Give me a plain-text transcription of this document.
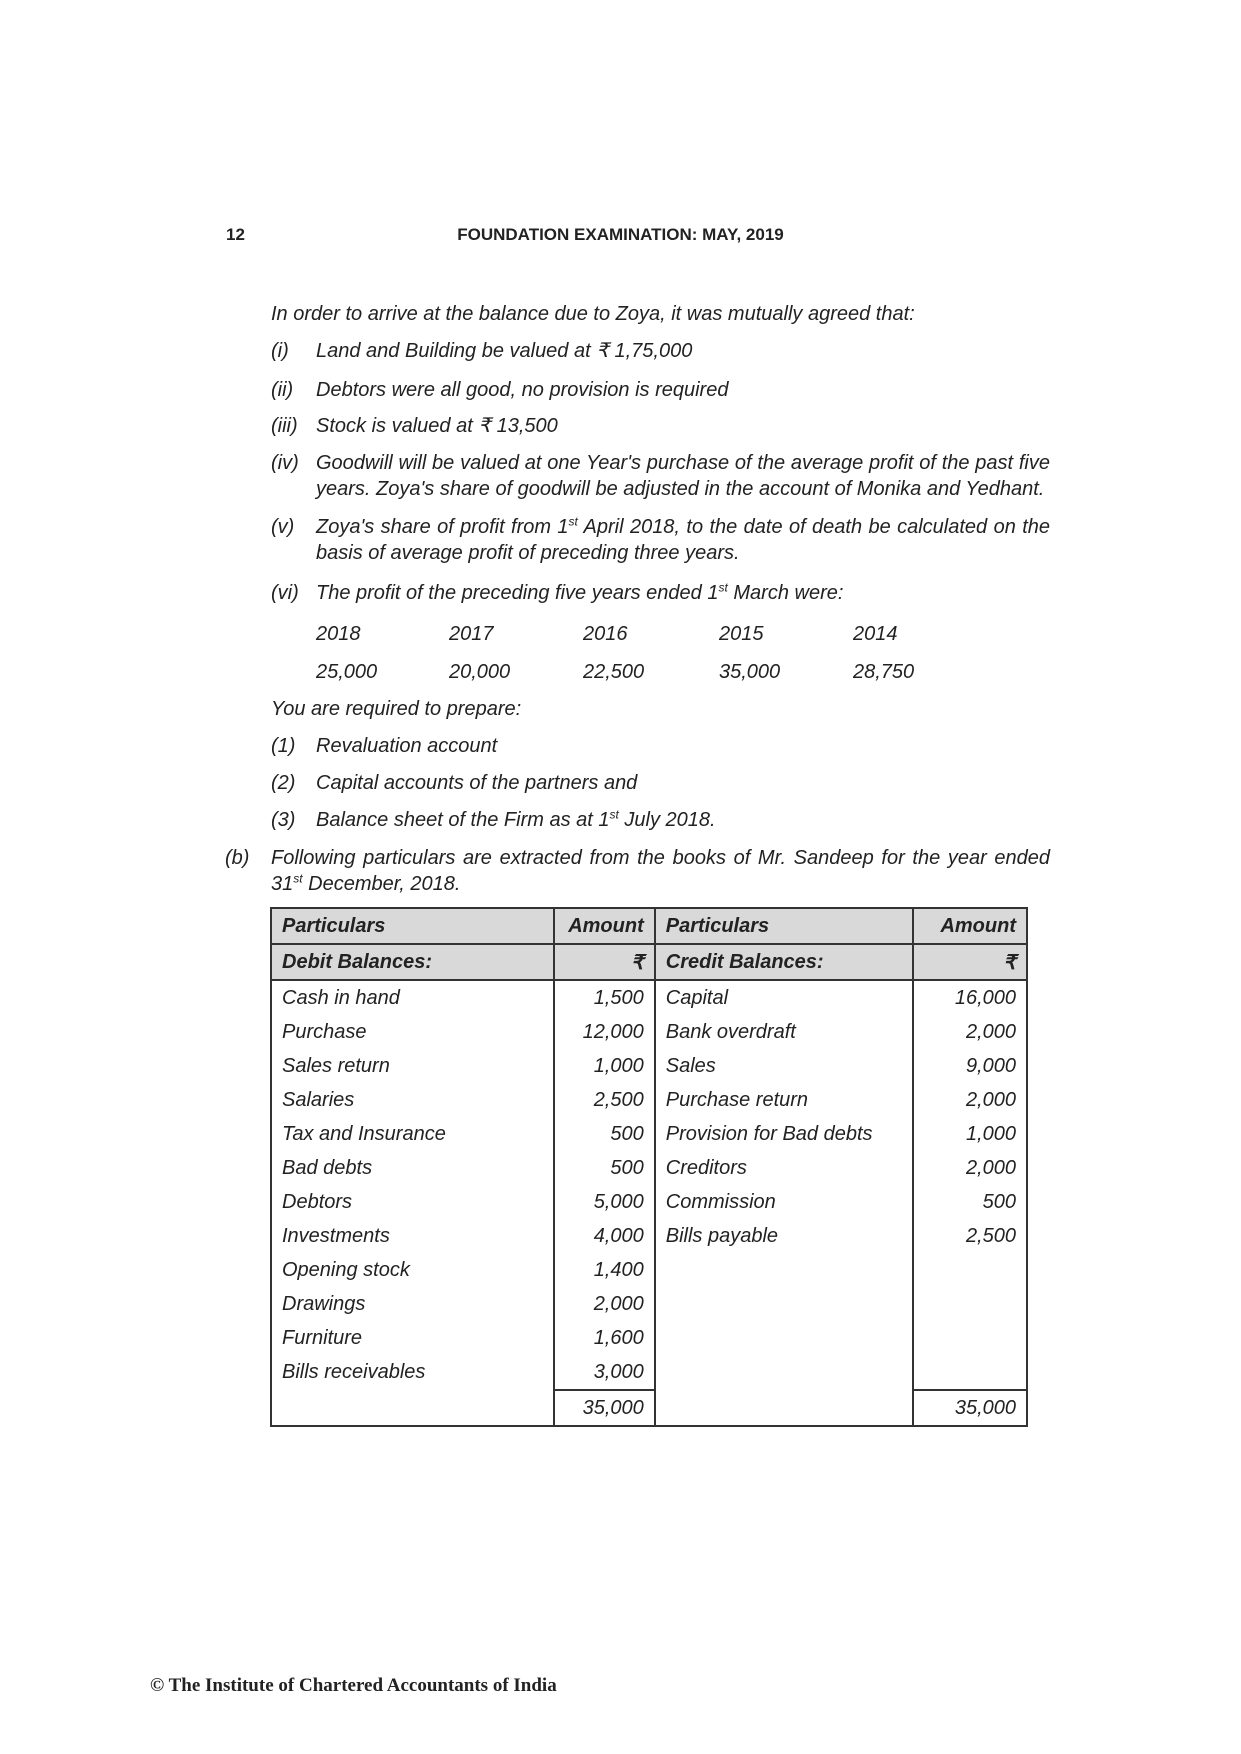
12	FOUNDATION EXAMINATION: MAY, 2019
In order to arrive at the balance due to Zoya, it was mutually agreed that:
(i) Land and Building be valued at ₹ 1,75,000
(ii) Debtors were all good, no provision is required
(iii) Stock is valued at ₹ 13,500
(iv) Goodwill will be valued at one Year's purchase of the average profit of the past five years. Zoya's share of goodwill be adjusted in the account of Monika and Yedhant.
(v) Zoya's share of profit from 1st April 2018, to the date of death be calculated on the basis of average profit of preceding three years.
(vi) The profit of the preceding five years ended 1st March were:
2018	2017	2016	2015	2014
25,000	20,000	22,500	35,000	28,750
You are required to prepare:
(1) Revaluation account
(2) Capital accounts of the partners and
(3) Balance sheet of the Firm as at 1st July 2018.
(b) Following particulars are extracted from the books of Mr. Sandeep for the year ended 31st December, 2018.
Particulars	Amount	Particulars	Amount
Debit Balances:	₹	Credit Balances:	₹
Cash in hand	1,500	Capital	16,000
Purchase	12,000	Bank overdraft	2,000
Sales return	1,000	Sales	9,000
Salaries	2,500	Purchase return	2,000
Tax and Insurance	500	Provision for Bad debts	1,000
Bad debts	500	Creditors	2,000
Debtors	5,000	Commission	500
Investments	4,000	Bills payable	2,500
Opening stock	1,400		
Drawings	2,000		
Furniture	1,600		
Bills receivables	3,000		
	35,000		35,000
© The Institute of Chartered Accountants of India
